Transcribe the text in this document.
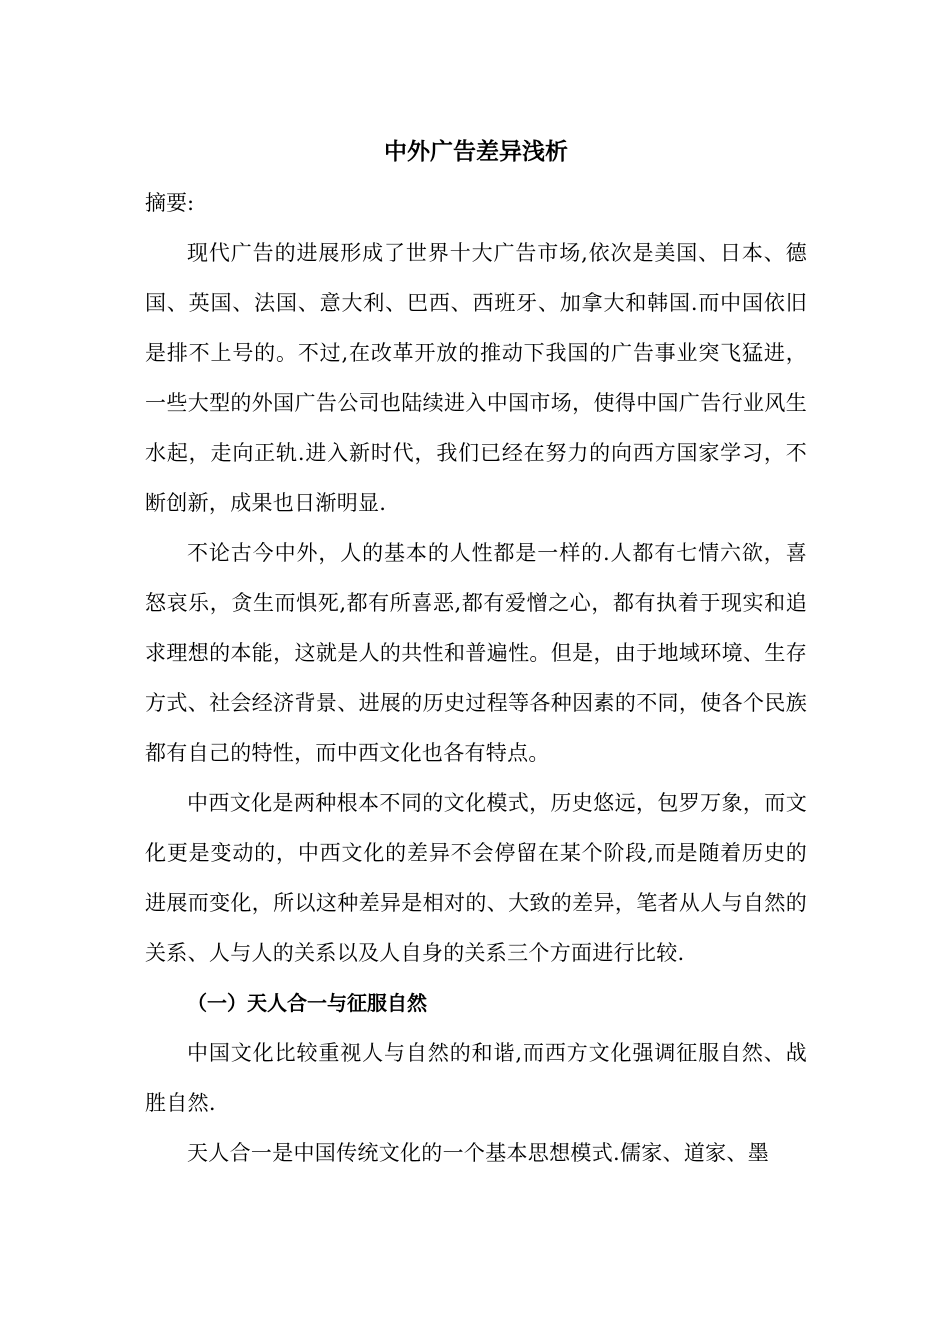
中外广告差异浅析

摘要:

现代广告的进展形成了世界十大广告市场,依次是美国、日本、德国、英国、法国、意大利、巴西、西班牙、加拿大和韩国.而中国依旧是排不上号的。不过,在改革开放的推动下我国的广告事业突飞猛进，一些大型的外国广告公司也陆续进入中国市场，使得中国广告行业风生水起，走向正轨.进入新时代，我们已经在努力的向西方国家学习，不断创新，成果也日渐明显.

不论古今中外，人的基本的人性都是一样的.人都有七情六欲，喜怒哀乐，贪生而惧死,都有所喜恶,都有爱憎之心，都有执着于现实和追求理想的本能，这就是人的共性和普遍性。但是，由于地域环境、生存方式、社会经济背景、进展的历史过程等各种因素的不同，使各个民族都有自己的特性，而中西文化也各有特点。

中西文化是两种根本不同的文化模式，历史悠远，包罗万象，而文化更是变动的，中西文化的差异不会停留在某个阶段,而是随着历史的进展而变化，所以这种差异是相对的、大致的差异，笔者从人与自然的关系、人与人的关系以及人自身的关系三个方面进行比较.

（一）天人合一与征服自然

中国文化比较重视人与自然的和谐,而西方文化强调征服自然、战胜自然.

天人合一是中国传统文化的一个基本思想模式.儒家、道家、墨
